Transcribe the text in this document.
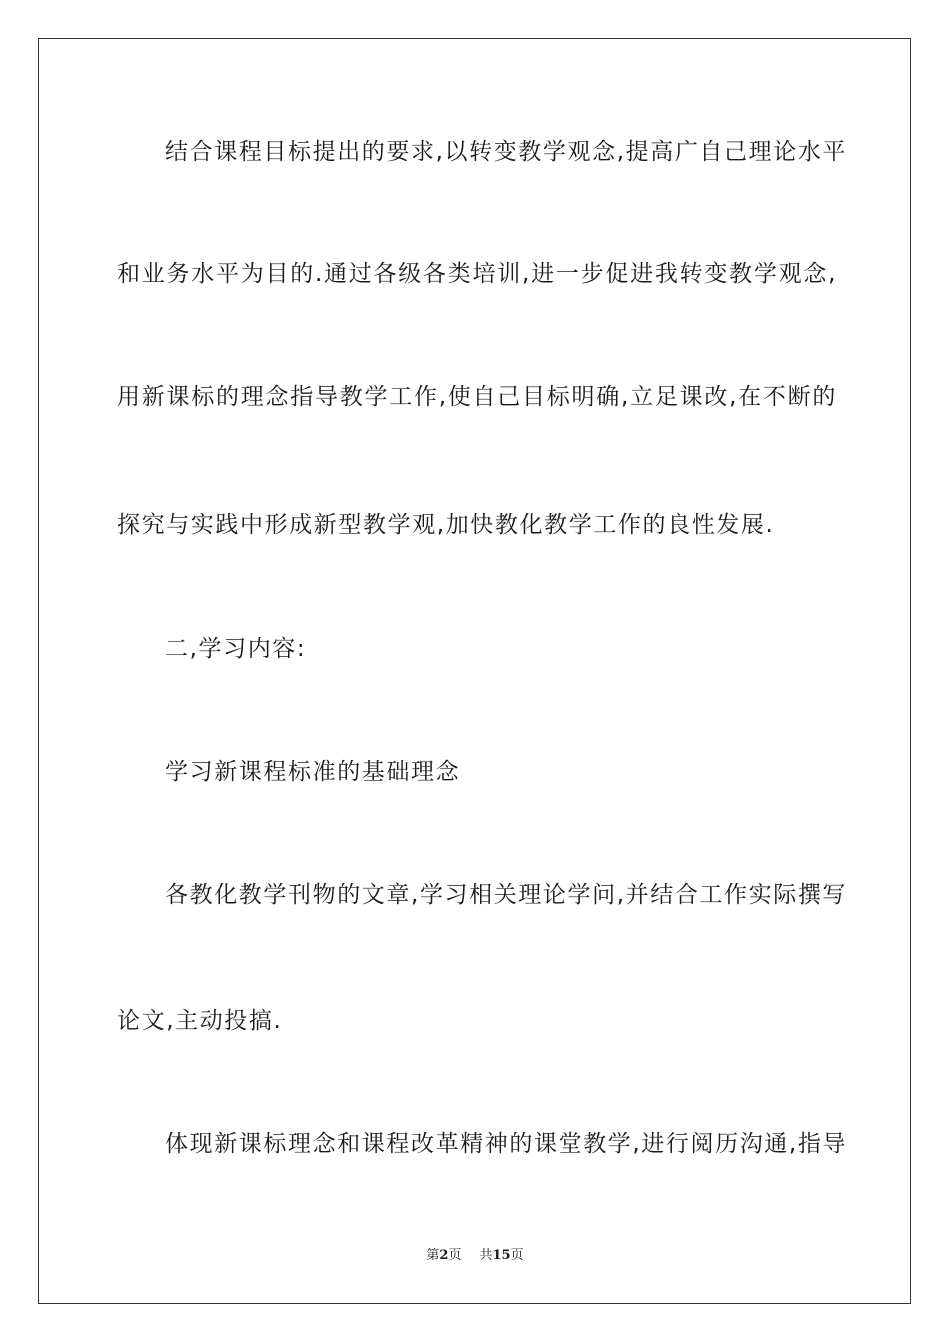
结合课程目标提出的要求,以转变教学观念,提高广自己理论水平
和业务水平为目的.通过各级各类培训,进一步促进我转变教学观念,
用新课标的理念指导教学工作,使自己目标明确,立足课改,在不断的
探究与实践中形成新型教学观,加快教化教学工作的良性发展.
二,学习内容:
学习新课程标准的基础理念
各教化教学刊物的文章,学习相关理论学问,并结合工作实际撰写
论文,主动投搞.
体现新课标理念和课程改革精神的课堂教学,进行阅历沟通,指导
第2页 共15页
